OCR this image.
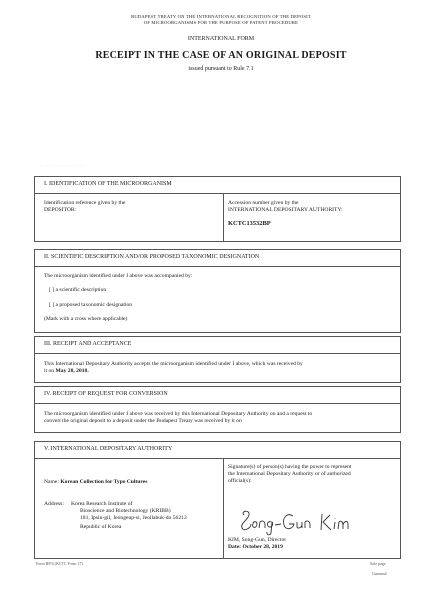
BUDAPEST TREATY ON THE INTERNATIONAL RECOGNITION OF THE DEPOSIT
OF MICROORGANISMS FOR THE PURPOSE OF PATENT PROCEDURE
INTERNATIONAL FORM
RECEIPT IN THE CASE OF AN ORIGINAL DEPOSIT
issued pursuant to Rule 7.1
- - - - - - - - - - - - - -
I. IDENTIFICATION OF THE MICROORGANISM
Identification reference given by the
DEPOSITOR:
Accession number given by the
INTERNATIONAL DEPOSITARY AUTHORITY:
KCTC13532BP
II. SCIENTIFIC DESCRIPTION AND/OR PROPOSED TAXONOMIC DESIGNATION
The microorganism identified under I above was accompanied by:
[ ] a scientific description
[ ] a proposed taxonomic designation
(Mark with a cross where applicable)
III. RECEIPT AND ACCEPTANCE
This International Depositary Authority accepts the microorganism identified under I above, which was received by
it on May 28, 2018.
IV. RECEIPT OF REQUEST FOR CONVERSION
The microorganism identified under I above was received by this International Depositary Authority on and a request to
convert the original deposit to a deposit under the Budapest Treaty was received by it on
V. INTERNATIONAL DEPOSITARY AUTHORITY
Name: Korean Collection for Type Cultures
Address: Korea Research Institute of
Bioscience and Biotechnology (KRIBB)
181, Ipsin-gil, Jeongeup-si, Jeollabuk-do 56212
Republic of Korea
Signature(s) of person(s) having the power to represent
the International Depositary Authority or of authorized
official(s):
KIM, Song-Gun, Director
Date: October 28, 2019
Form BP/4 (KCTC Form 17)	Sole page
Gamma4
